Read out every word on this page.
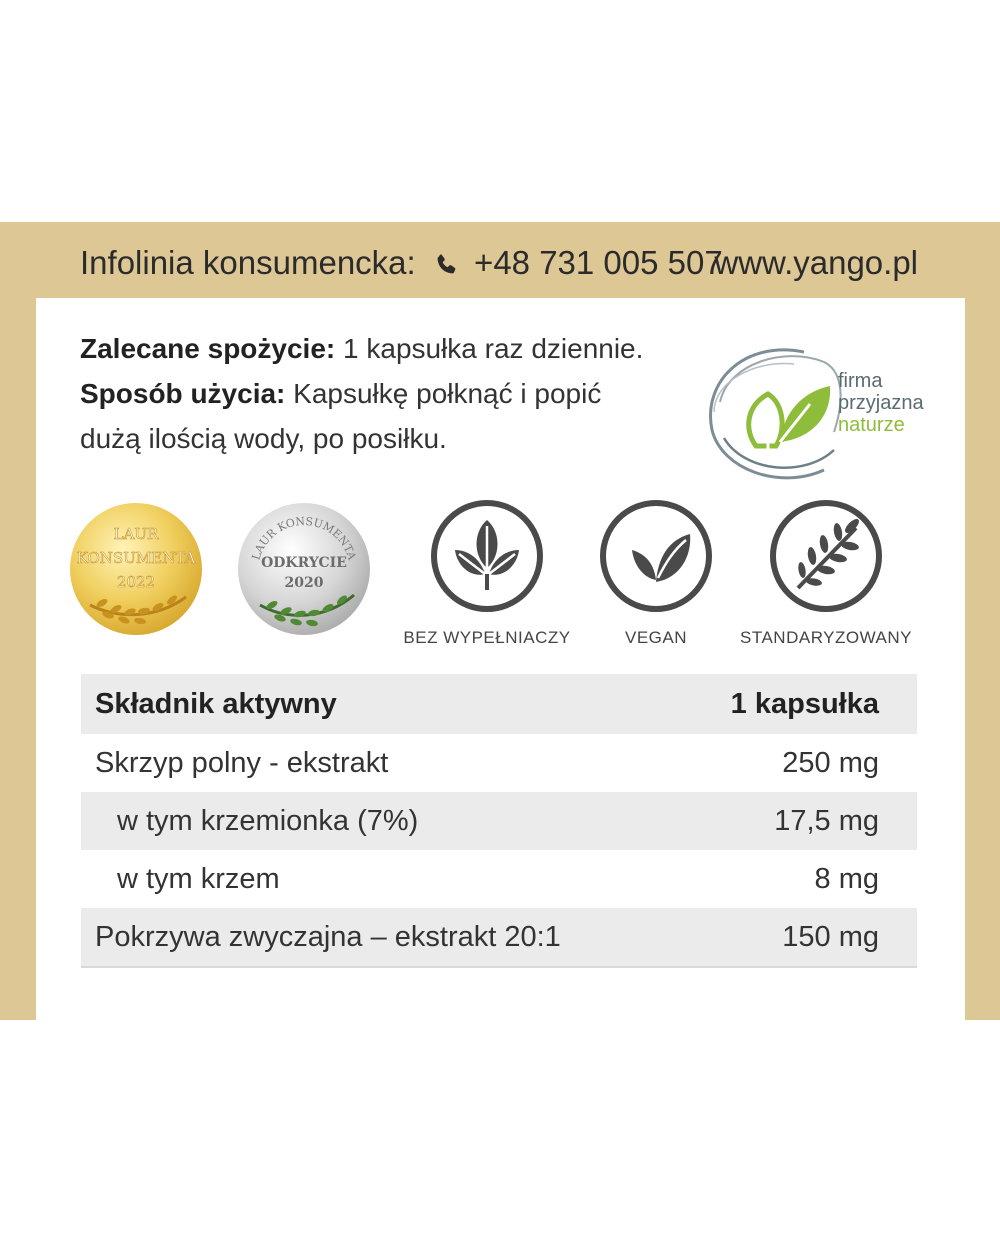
Infolinia konsumencka: +48 731 005 507
www.yango.pl
Zalecane spożycie: 1 kapsułka raz dziennie.
Sposób użycia: Kapsułkę połknąć i popić dużą ilością wody, po posiłku.
firma
przyjazna
naturze
LAUR
KONSUMENTA
2022
LAUR KONSUMENTA
ODKRYCIE
2020
BEZ WYPEŁNIACZY	VEGAN	STANDARYZOWANY
Składnik aktywny	1 kapsułka
Skrzyp polny - ekstrakt	250 mg
w tym krzemionka (7%)	17,5 mg
w tym krzem	8 mg
Pokrzywa zwyczajna – ekstrakt 20:1	150 mg
